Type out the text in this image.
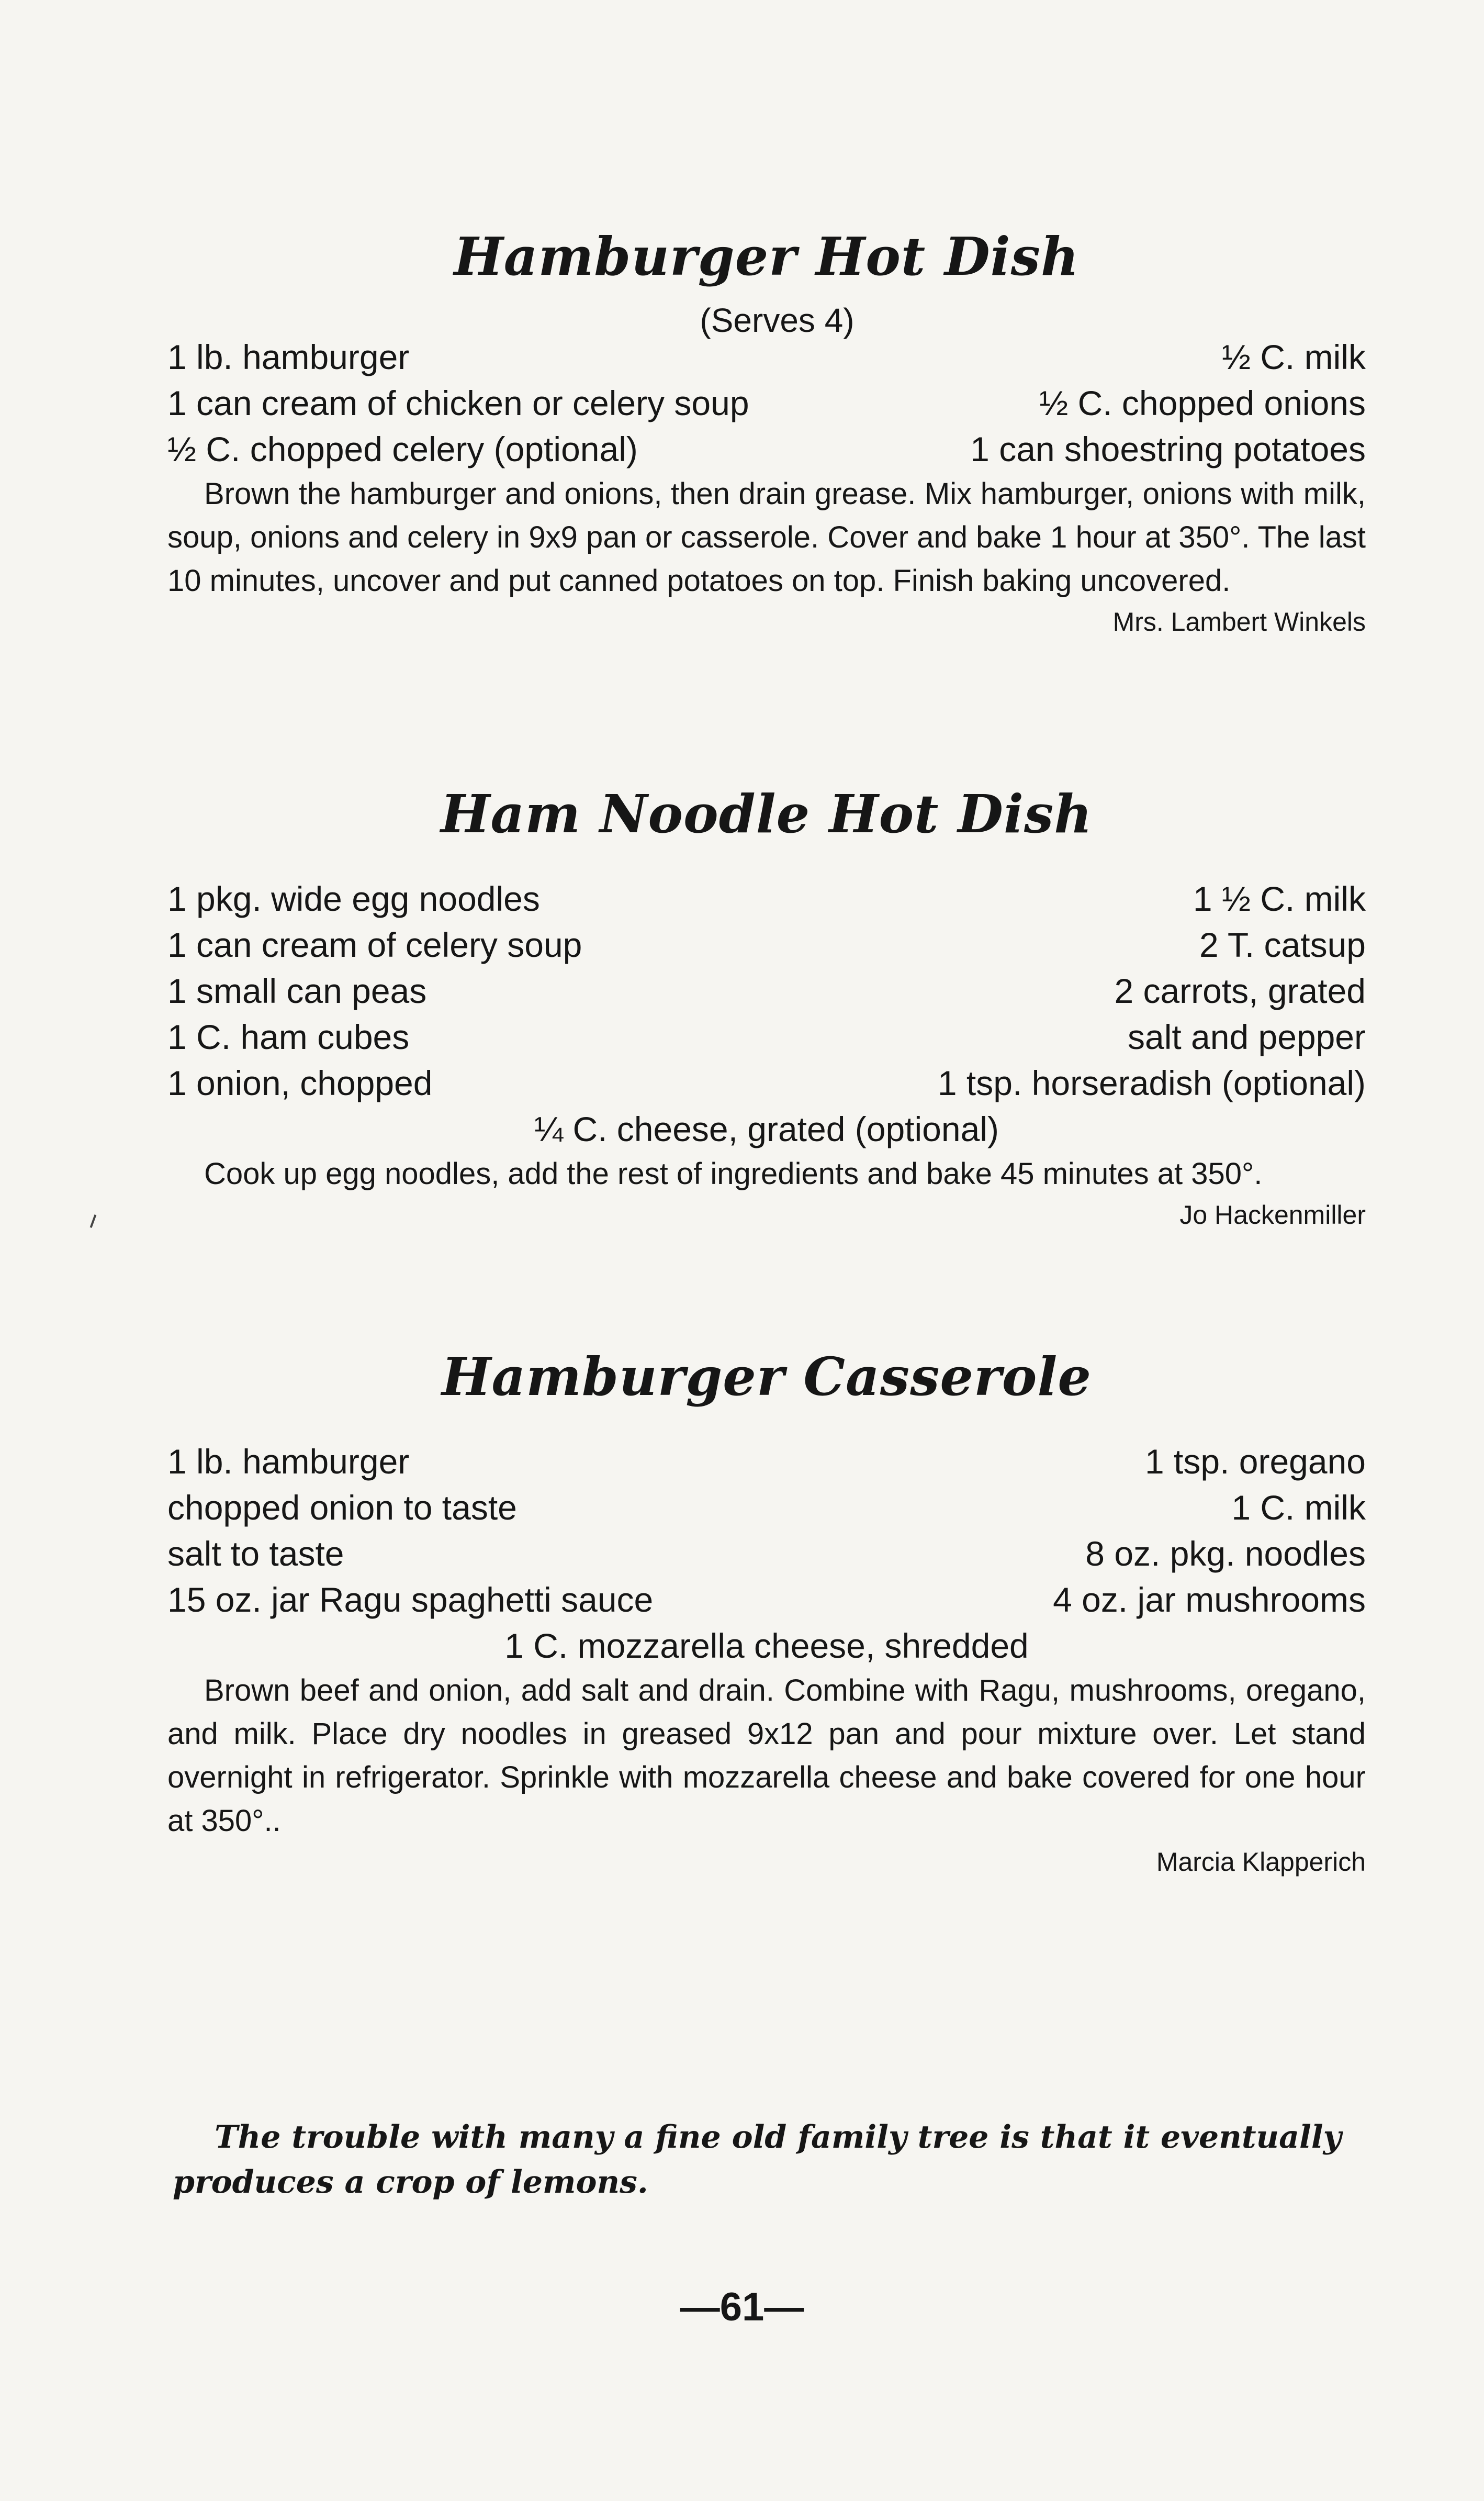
Hamburger Hot Dish
(Serves 4)
1 lb. hamburger	½ C. milk
1 can cream of chicken or celery soup	½ C. chopped onions
½ C. chopped celery (optional)	1 can shoestring potatoes

Brown the hamburger and onions, then drain grease. Mix hamburger, onions with milk, soup, onions and celery in 9x9 pan or casserole. Cover and bake 1 hour at 350°. The last 10 minutes, uncover and put canned potatoes on top. Finish baking uncovered.

Mrs. Lambert Winkels
Ham Noodle Hot Dish
1 pkg. wide egg noodles	1 ½ C. milk
1 can cream of celery soup	2 T. catsup
1 small can peas	2 carrots, grated
1 C. ham cubes	salt and pepper
1 onion, chopped	1 tsp. horseradish (optional)
¼ C. cheese, grated (optional)

Cook up egg noodles, add the rest of ingredients and bake 45 minutes at 350°.

Jo Hackenmiller
Hamburger Casserole
1 lb. hamburger	1 tsp. oregano
chopped onion to taste	1 C. milk
salt to taste	8 oz. pkg. noodles
15 oz. jar Ragu spaghetti sauce	4 oz. jar mushrooms
1 C. mozzarella cheese, shredded

Brown beef and onion, add salt and drain. Combine with Ragu, mushrooms, oregano, and milk. Place dry noodles in greased 9x12 pan and pour mixture over. Let stand overnight in refrigerator. Sprinkle with mozzarella cheese and bake covered for one hour at 350°..

Marcia Klapperich

The trouble with many a fine old family tree is that it eventually produces a crop of lemons.

—61—
